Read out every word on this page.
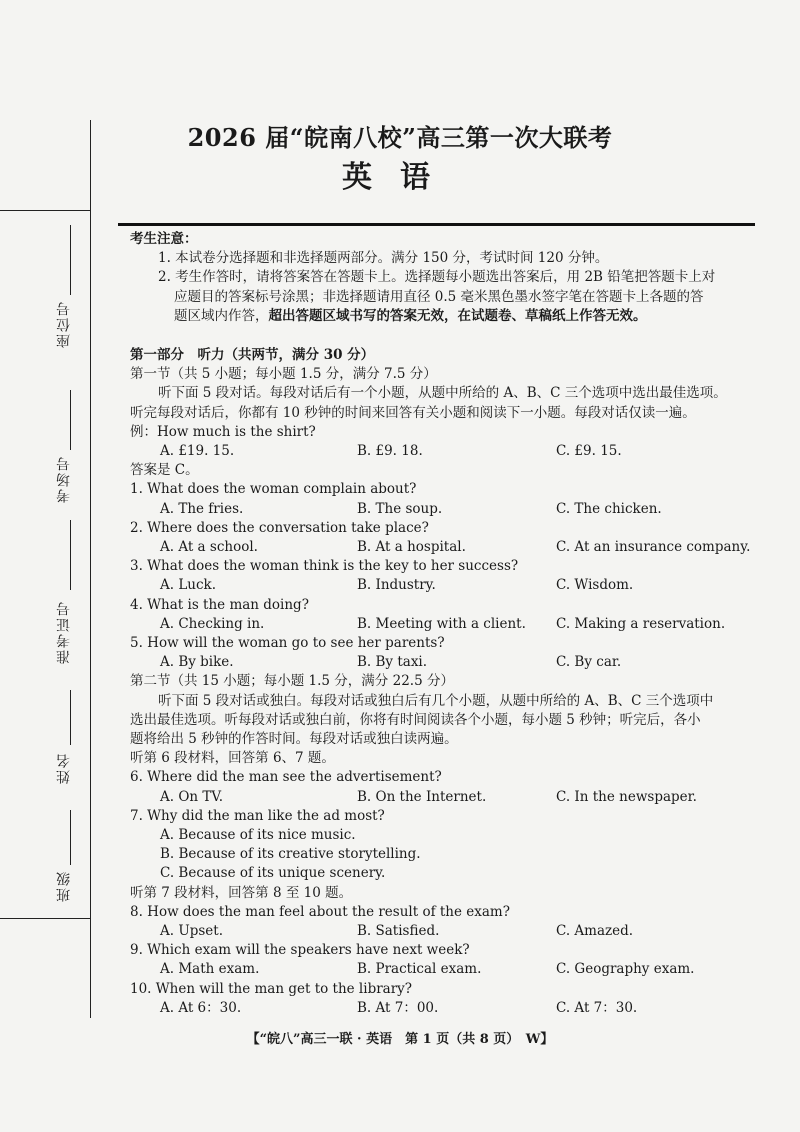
座位号
考场号
准考证号
姓名
班级
2026 届“皖南八校”高三第一次大联考
英语
考生注意：
1. 本试卷分选择题和非选择题两部分。满分 150 分，考试时间 120 分钟。
2. 考生作答时，请将答案答在答题卡上。选择题每小题选出答案后，用 2B 铅笔把答题卡上对
应题目的答案标号涂黑；非选择题请用直径 0.5 毫米黑色墨水签字笔在答题卡上各题的答
题区域内作答，超出答题区域书写的答案无效，在试题卷、草稿纸上作答无效。
第一部分　听力（共两节，满分 30 分）
第一节（共 5 小题；每小题 1.5 分，满分 7.5 分）
听下面 5 段对话。每段对话后有一个小题，从题中所给的 A、B、C 三个选项中选出最佳选项。
听完每段对话后，你都有 10 秒钟的时间来回答有关小题和阅读下一小题。每段对话仅读一遍。
例：How much is the shirt?
A. £19. 15.	B. £9. 18.	C. £9. 15.
答案是 C。
1. What does the woman complain about?
A. The fries.	B. The soup.	C. The chicken.
2. Where does the conversation take place?
A. At a school.	B. At a hospital.	C. At an insurance company.
3. What does the woman think is the key to her success?
A. Luck.	B. Industry.	C. Wisdom.
4. What is the man doing?
A. Checking in.	B. Meeting with a client. C. Making a reservation.
5. How will the woman go to see her parents?
A. By bike.	B. By taxi.	C. By car.
第二节（共 15 小题；每小题 1.5 分，满分 22.5 分）
听下面 5 段对话或独白。每段对话或独白后有几个小题，从题中所给的 A、B、C 三个选项中
选出最佳选项。听每段对话或独白前，你将有时间阅读各个小题，每小题 5 秒钟；听完后，各小
题将给出 5 秒钟的作答时间。每段对话或独白读两遍。
听第 6 段材料，回答第 6、7 题。
6. Where did the man see the advertisement?
A. On TV.	B. On the Internet.	C. In the newspaper.
7. Why did the man like the ad most?
A. Because of its nice music.
B. Because of its creative storytelling.
C. Because of its unique scenery.
听第 7 段材料，回答第 8 至 10 题。
8. How does the man feel about the result of the exam?
A. Upset.	B. Satisfied.	C. Amazed.
9. Which exam will the speakers have next week?
A. Math exam.	B. Practical exam.	C. Geography exam.
10. When will the man get to the library?
A. At 6：30.	B. At 7：00.	C. At 7：30.
【“皖八”高三一联 · 英语　第 1 页（共 8 页）　W】
